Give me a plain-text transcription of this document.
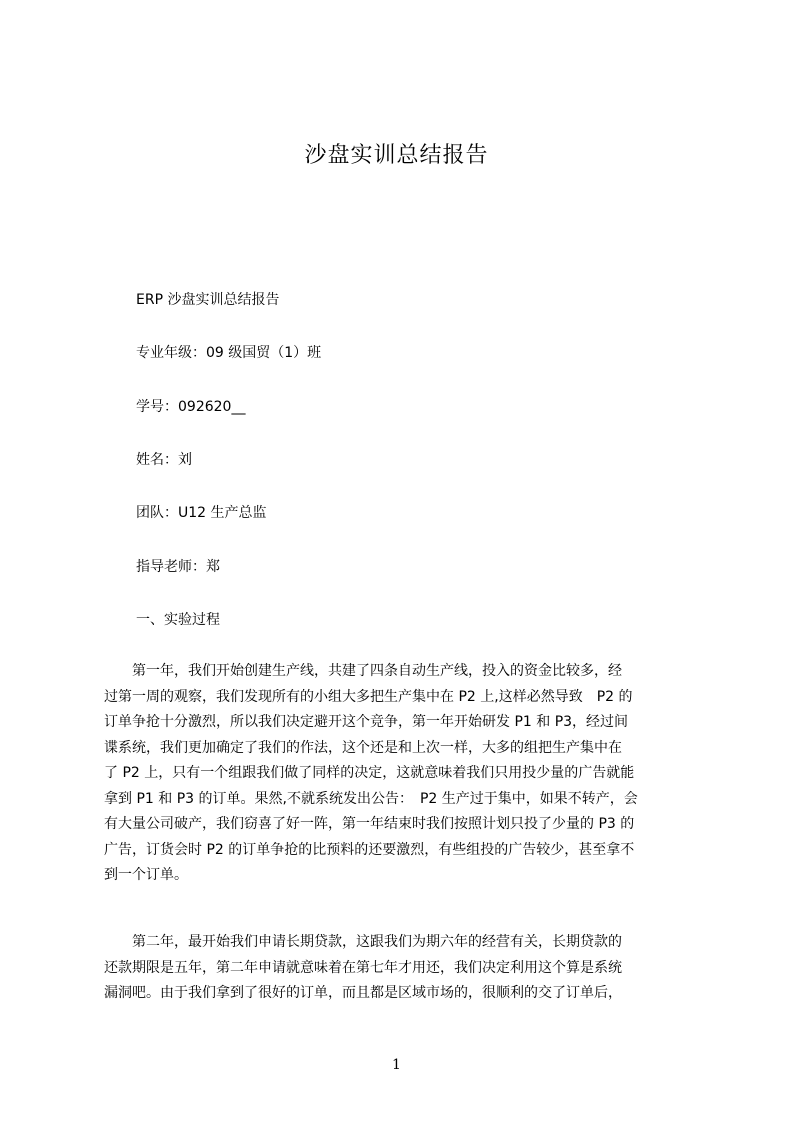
沙盘实训总结报告
ERP 沙盘实训总结报告
专业年级：09 级国贸（1）班
学号：092620__
姓名：刘
团队：U12 生产总监
指导老师：郑
一、实验过程
　　第一年，我们开始创建生产线，共建了四条自动生产线，投入的资金比较多，经
过第一周的观察，我们发现所有的小组大多把生产集中在 P2 上,这样必然导致　P2 的
订单争抢十分激烈，所以我们决定避开这个竞争，第一年开始研发 P1 和 P3，经过间
谍系统，我们更加确定了我们的作法，这个还是和上次一样，大多的组把生产集中在
了 P2 上，只有一个组跟我们做了同样的决定，这就意味着我们只用投少量的广告就能
拿到 P1 和 P3 的订单。果然,不就系统发出公告：　P2 生产过于集中，如果不转产，会
有大量公司破产，我们窃喜了好一阵，第一年结束时我们按照计划只投了少量的 P3 的
广告，订货会时 P2 的订单争抢的比预料的还要激烈，有些组投的广告较少，甚至拿不
到一个订单。
　　第二年，最开始我们申请长期贷款，这跟我们为期六年的经营有关，长期贷款的
还款期限是五年，第二年申请就意味着在第七年才用还，我们决定利用这个算是系统
漏洞吧。由于我们拿到了很好的订单，而且都是区域市场的，很顺利的交了订单后，
1
